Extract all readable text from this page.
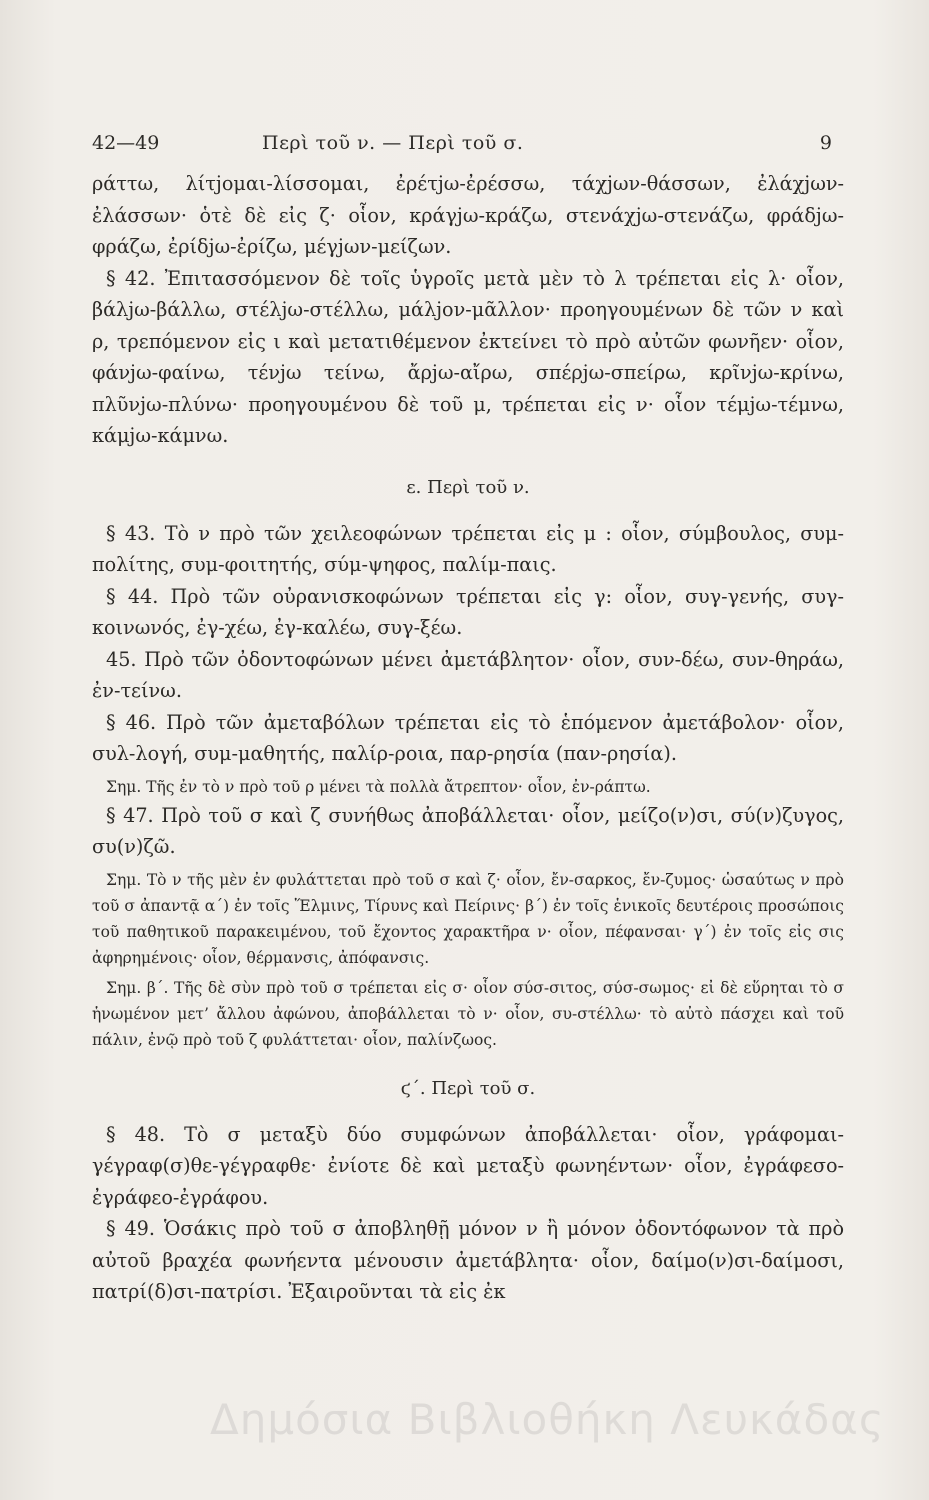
42—49	Περὶ τοῦ ν. — Περὶ τοῦ σ.	9

ράττω, λίτjομαι-λίσσομαι, ἐρέτjω-ἐρέσσω, τάχjων-θάσσων, ἐλάχjων-ἐλάσσων· ὁτὲ δὲ εἰς ζ· οἷον, κράγjω-κράζω, στενάχjω-στενάζω, φράδjω-φράζω, ἐρίδjω-ἐρίζω, μέγjων-μείζων.

§ 42. Ἐπιτασσόμενον δὲ τοῖς ὑγροῖς μετὰ μὲν τὸ λ τρέπεται εἰς λ· οἷον, βάλjω-βάλλω, στέλjω-στέλλω, μάλjον-μᾶλλον· προηγουμένων δὲ τῶν ν καὶ ρ, τρεπόμενον εἰς ι καὶ μετατιθέμενον ἐκτείνει τὸ πρὸ αὐτῶν φωνῆεν· οἷον, φάνjω-φαίνω, τένjω τείνω, ἄρjω-αἴρω, σπέρjω-σπείρω, κρῖνjω-κρίνω, πλῦνjω-πλύνω· προηγουμένου δὲ τοῦ μ, τρέπεται εἰς ν· οἷον τέμjω-τέμνω, κάμjω-κάμνω.

ε. Περὶ τοῦ ν.

§ 43. Τὸ ν πρὸ τῶν χειλεοφώνων τρέπεται εἰς μ : οἷον, σύμβουλος, συμ-πολίτης, συμ-φοιτητής, σύμ-ψηφος, παλίμ-παις.

§ 44. Πρὸ τῶν οὐρανισκοφώνων τρέπεται εἰς γ: οἷον, συγ-γενής, συγ-κοινωνός, ἐγ-χέω, ἐγ-καλέω, συγ-ξέω.

45. Πρὸ τῶν ὀδοντοφώνων μένει ἀμετάβλητον· οἷον, συν-δέω, συν-θηράω, ἐν-τείνω.

§ 46. Πρὸ τῶν ἀμεταβόλων τρέπεται εἰς τὸ ἑπόμενον ἀμετάβολον· οἷον, συλ-λογή, συμ-μαθητής, παλίρ-ροια, παρ-ρησία (παν-ρησία).

Σημ. Τῆς ἐν τὸ ν πρὸ τοῦ ρ μένει τὰ πολλὰ ἄτρεπτον· οἷον, ἐν-ράπτω.

§ 47. Πρὸ τοῦ σ καὶ ζ συνήθως ἀποβάλλεται· οἷον, μείζο(ν)σι, σύ(ν)ζυγος, συ(ν)ζῶ.

Σημ. Τὸ ν τῆς μὲν ἐν φυλάττεται πρὸ τοῦ σ καὶ ζ· οἷον, ἔν-σαρκος, ἔν-ζυμος· ὡσαύτως ν πρὸ τοῦ σ ἀπαντᾷ α΄) ἐν τοῖς Ἕλμινς, Τίρυνς καὶ Πείρινς· β΄) ἐν τοῖς ἑνικοῖς δευτέροις προσώποις τοῦ παθητικοῦ παρακειμένου, τοῦ ἔχοντος χαρακτῆρα ν· οἷον, πέφανσαι· γ΄) ἐν τοῖς εἰς σις ἀφηρημένοις· οἷον, θέρμανσις, ἀπόφανσις.

Σημ. β΄. Τῆς δὲ σὺν πρὸ τοῦ σ τρέπεται εἰς σ· οἷον σύσ-σιτος, σύσ-σωμος· εἰ δὲ εὕρηται τὸ σ ἡνωμένον μετ’ ἄλλου ἀφώνου, ἀποβάλλεται τὸ ν· οἷον, συ-στέλλω· τὸ αὐτὸ πάσχει καὶ τοῦ πάλιν, ἐνῷ πρὸ τοῦ ζ φυλάττεται· οἷον, παλίνζωος.

ϛ΄. Περὶ τοῦ σ.

§ 48. Τὸ σ μεταξὺ δύο συμφώνων ἀποβάλλεται· οἷον, γράφομαι-γέγραφ(σ)θε-γέγραφθε· ἐνίοτε δὲ καὶ μεταξὺ φωνηέντων· οἷον, ἐγράφεσο-ἐγράφεο-ἐγράφου.

§ 49. Ὁσάκις πρὸ τοῦ σ ἀποβληθῇ μόνον ν ἢ μόνον ὀδοντόφωνον τὰ πρὸ αὐτοῦ βραχέα φωνήεντα μένουσιν ἀμετάβλητα· οἷον, δαίμο(ν)σι-δαίμοσι, πατρί(δ)σι-πατρίσι. Ἐξαιροῦνται τὰ εἰς ἐκ

Δημόσια Βιβλιοθήκη Λευκάδας
